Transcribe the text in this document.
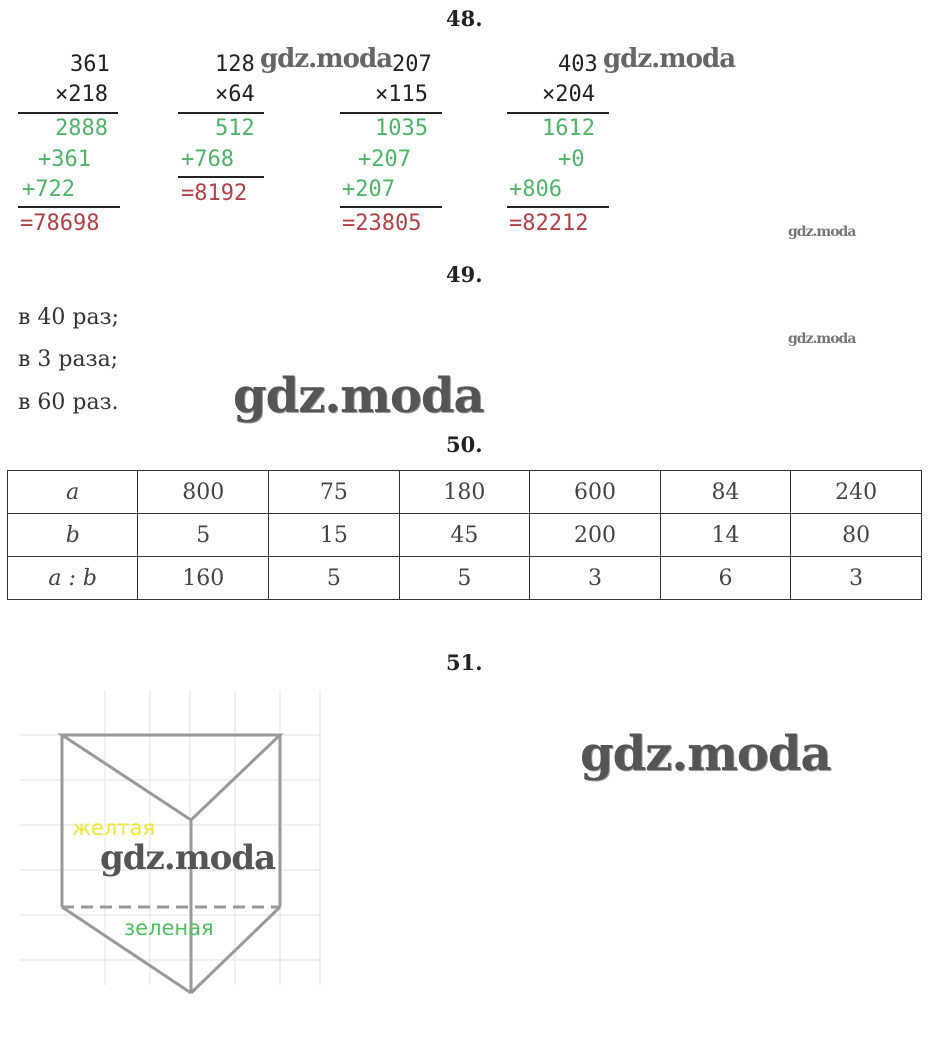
48.
361
×218
2888
+361
+722
=78698
128
×64
512
+768
=8192
207
×115
1035
+207
+207
=23805
403
×204
1612
+0
+806
=82212
gdz.moda	gdz.moda
gdz.moda
49.
в 40 раз;
в 3 раза;
в 60 раз.
gdz.moda
gdz.moda
50.
a	800	75	180	600	84	240
b	5	15	45	200	14	80
a : b	160	5	5	3	6	3
51.
желтая
зеленая
gdz.moda
gdz.moda
